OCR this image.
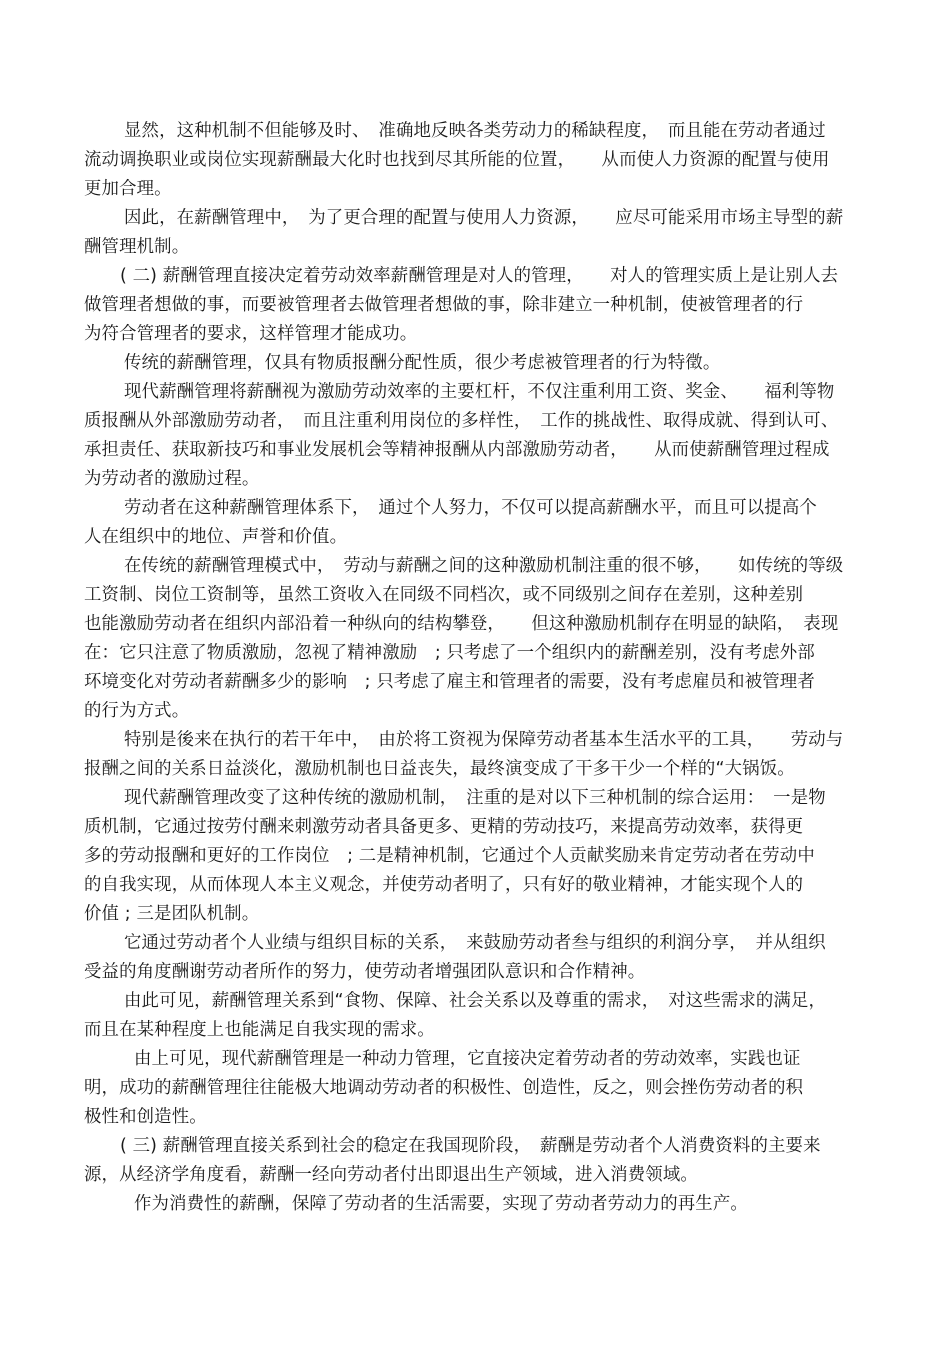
显然，这种机制不但能够及时、　准确地反映各类劳动力的稀缺程度，　而且能在劳动者通过
流动调换职业或岗位实现薪酬最大化时也找到尽其所能的位置，　　从而使人力资源的配置与使用
更加合理。
因此，在薪酬管理中，　为了更合理的配置与使用人力资源，　　应尽可能采用市场主导型的薪
酬管理机制。
( 二) 薪酬管理直接决定着劳动效率薪酬管理是对人的管理，　　对人的管理实质上是让别人去
做管理者想做的事，而要被管理者去做管理者想做的事，除非建立一种机制，使被管理者的行
为符合管理者的要求，这样管理才能成功。
传统的薪酬管理，仅具有物质报酬分配性质，很少考虑被管理者的行为特徵。
现代薪酬管理将薪酬视为激励劳动效率的主要杠杆，不仅注重利用工资、奖金、　　福利等物
质报酬从外部激励劳动者，　而且注重利用岗位的多样性，　工作的挑战性、取得成就、得到认可、
承担责任、获取新技巧和事业发展机会等精神报酬从内部激励劳动者，　　从而使薪酬管理过程成
为劳动者的激励过程。
劳动者在这种薪酬管理体系下，　通过个人努力，不仅可以提高薪酬水平，而且可以提高个
人在组织中的地位、声誉和价值。
在传统的薪酬管理模式中，　劳动与薪酬之间的这种激励机制注重的很不够，　　如传统的等级
工资制、岗位工资制等，虽然工资收入在同级不同档次，或不同级别之间存在差别，这种差别
也能激励劳动者在组织内部沿着一种纵向的结构攀登，　　但这种激励机制存在明显的缺陷，　表现
在：它只注意了物质激励，忽视了精神激励　; 只考虑了一个组织内的薪酬差别，没有考虑外部
环境变化对劳动者薪酬多少的影响　; 只考虑了雇主和管理者的需要，没有考虑雇员和被管理者
的行为方式。
特别是後来在执行的若干年中，　由於将工资视为保障劳动者基本生活水平的工具，　　劳动与
报酬之间的关系日益淡化，激励机制也日益丧失，最终演变成了干多干少一个样的“大锅饭。
现代薪酬管理改变了这种传统的激励机制，　注重的是对以下三种机制的综合运用：　一是物
质机制，它通过按劳付酬来刺激劳动者具备更多、更精的劳动技巧，来提高劳动效率，获得更
多的劳动报酬和更好的工作岗位　; 二是精神机制，它通过个人贡献奖励来肯定劳动者在劳动中
的自我实现，从而体现人本主义观念，并使劳动者明了，只有好的敬业精神，才能实现个人的
价值 ; 三是团队机制。
它通过劳动者个人业绩与组织目标的关系，　来鼓励劳动者叁与组织的利润分享，　并从组织
受益的角度酬谢劳动者所作的努力，使劳动者增强团队意识和合作精神。
由此可见，薪酬管理关系到“食物、保障、社会关系以及尊重的需求，　对这些需求的满足，
而且在某种程度上也能满足自我实现的需求。
由上可见，现代薪酬管理是一种动力管理，它直接决定着劳动者的劳动效率，实践也证
明，成功的薪酬管理往往能极大地调动劳动者的积极性、创造性，反之，则会挫伤劳动者的积
极性和创造性。
( 三) 薪酬管理直接关系到社会的稳定在我国现阶段，　薪酬是劳动者个人消费资料的主要来
源，从经济学角度看，薪酬一经向劳动者付出即退出生产领域，进入消费领域。
作为消费性的薪酬，保障了劳动者的生活需要，实现了劳动者劳动力的再生产。
